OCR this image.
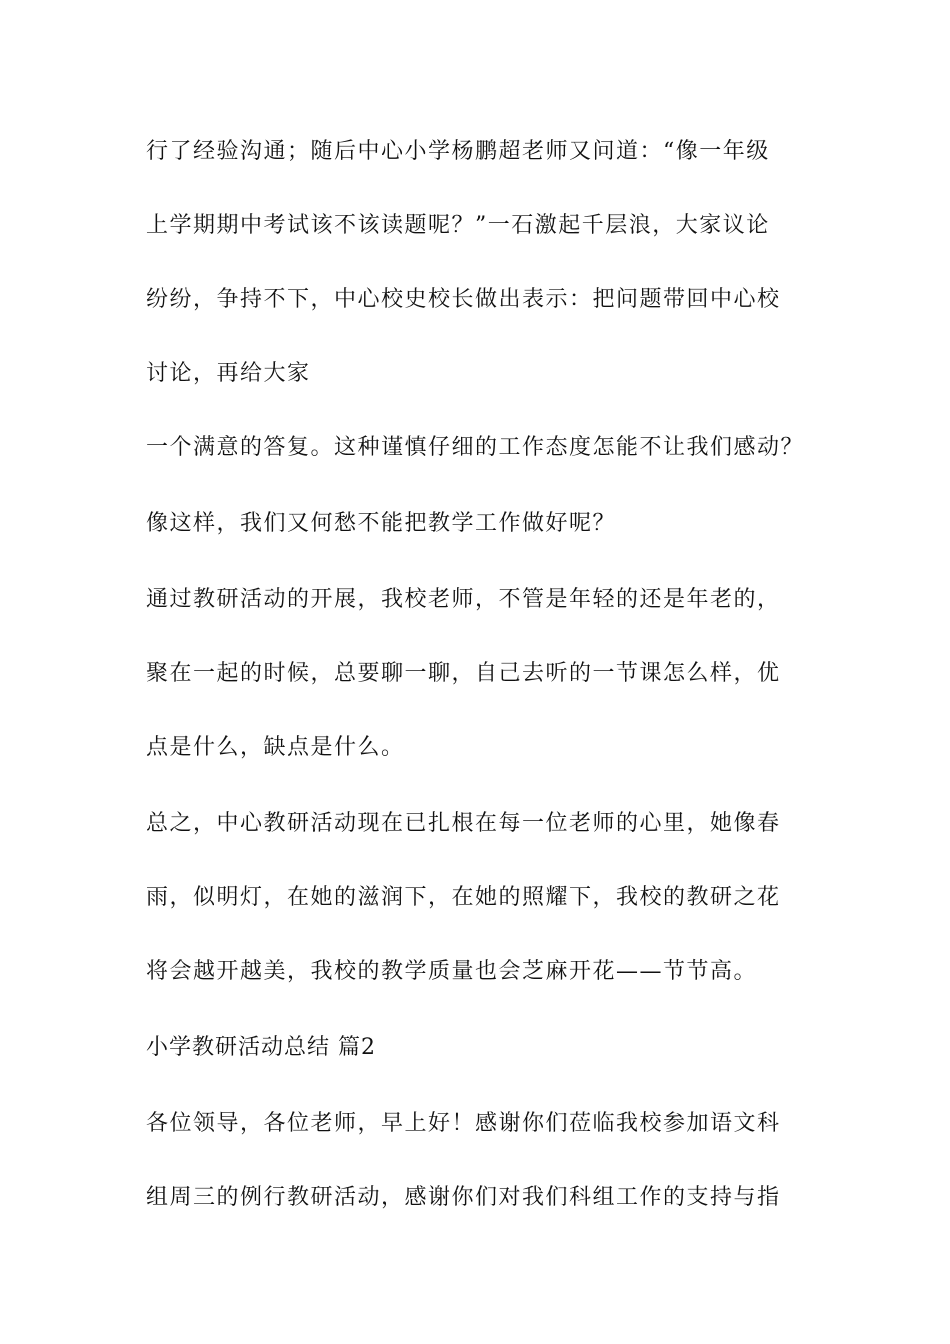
行了经验沟通；随后中心小学杨鹏超老师又问道：“像一年级
上学期期中考试该不该读题呢？”一石激起千层浪，大家议论
纷纷，争持不下，中心校史校长做出表示：把问题带回中心校
讨论，再给大家
一个满意的答复。这种谨慎仔细的工作态度怎能不让我们感动？
像这样，我们又何愁不能把教学工作做好呢？
通过教研活动的开展，我校老师，不管是年轻的还是年老的，
聚在一起的时候，总要聊一聊，自己去听的一节课怎么样，优
点是什么，缺点是什么。
总之，中心教研活动现在已扎根在每一位老师的心里，她像春
雨，似明灯，在她的滋润下，在她的照耀下，我校的教研之花
将会越开越美，我校的教学质量也会芝麻开花——节节高。
小学教研活动总结 篇2
各位领导，各位老师，早上好！感谢你们莅临我校参加语文科
组周三的例行教研活动，感谢你们对我们科组工作的支持与指
